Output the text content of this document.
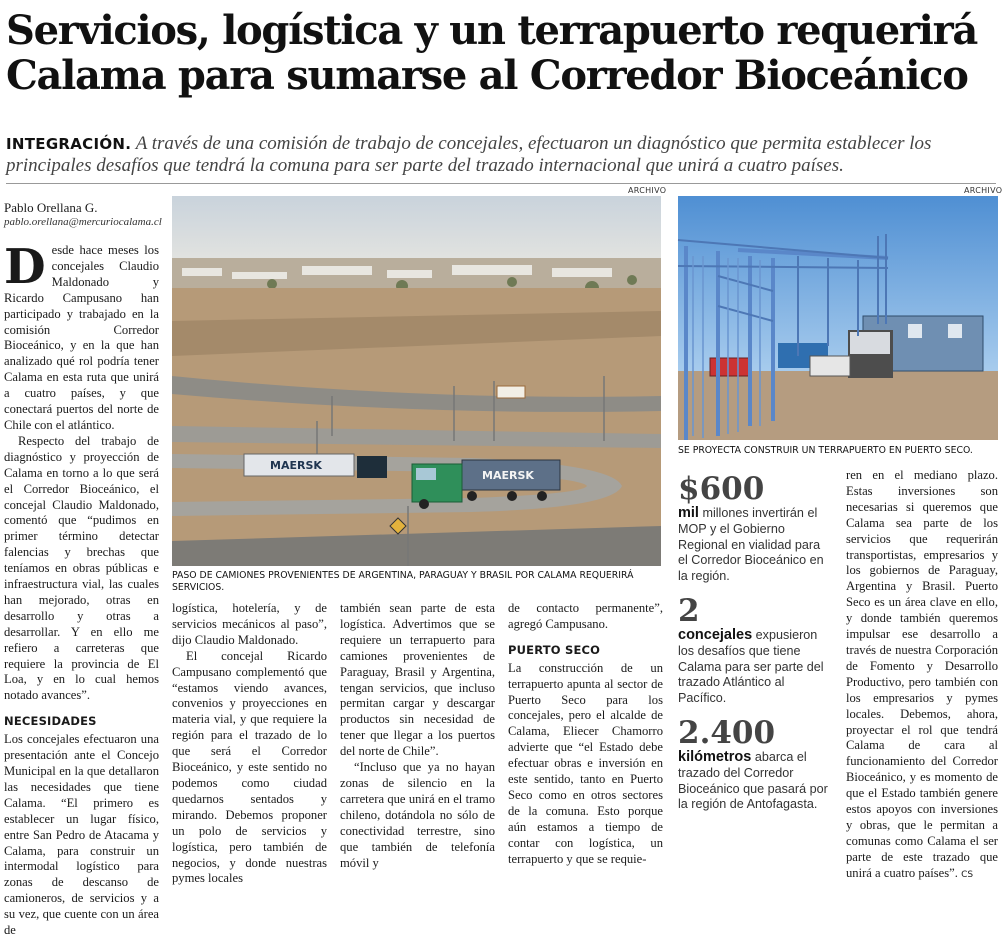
Servicios, logística y un terrapuerto requerirá Calama para sumarse al Corredor Bioceánico
INTEGRACIÓN. A través de una comisión de trabajo de concejales, efectuaron un diagnóstico que permita establecer los principales desafíos que tendrá la comuna para ser parte del trazado internacional que unirá a cuatro países.
Pablo Orellana G.
pablo.orellana@mercuriocalama.cl

Desde hace meses los concejales Claudio Maldonado y Ricardo Campusano han participado y trabajado en la comisión Corredor Bioceánico, y en la que han analizado qué rol podría tener Calama en esta ruta que unirá a cuatro países, y que conectará puertos del norte de Chile con el atlántico.

Respecto del trabajo de diagnóstico y proyección de Calama en torno a lo que será el Corredor Bioceánico, el concejal Claudio Maldonado, comentó que “pudimos en primer término detectar falencias y brechas que teníamos en obras públicas e infraestructura vial, las cuales han mejorado, otras en desarrollo y otras a desarrollar. Y en ello me refiero a carreteras que requiere la provincia de El Loa, y en lo cual hemos notado avances”.

NECESIDADES

Los concejales efectuaron una presentación ante el Concejo Municipal en la que detallaron las necesidades que tiene Calama. “El primero es establecer un lugar físico, entre San Pedro de Atacama y Calama, para construir un intermodal logístico para zonas de descanso de camioneros, de servicios y a su vez, que cuente con un área de

ARCHIVO
MAERSK
MAERSK
PASO DE CAMIONES PROVENIENTES DE ARGENTINA, PARAGUAY Y BRASIL POR CALAMA REQUERIRÁ SERVICIOS.

logística, hotelería, y de servicios mecánicos al paso”, dijo Claudio Maldonado.

El concejal Ricardo Campusano complementó que “estamos viendo avances, convenios y proyecciones en materia vial, y que requiere la región para el trazado de lo que será el Corredor Bioceánico, y este sentido no podemos como ciudad quedarnos sentados y mirando. Debemos proponer un polo de servicios y logística, pero también de negocios, y donde nuestras pymes locales

también sean parte de esta logística. Advertimos que se requiere un terrapuerto para camiones provenientes de Paraguay, Brasil y Argentina, tengan servicios, que incluso permitan cargar y descargar productos sin necesidad de tener que llegar a los puertos del norte de Chile”.

“Incluso que ya no hayan zonas de silencio en la carretera que unirá en el tramo chileno, dotándola no sólo de conectividad terrestre, sino que también de telefonía móvil y

de contacto permanente”, agregó Campusano.

PUERTO SECO

La construcción de un terrapuerto apunta al sector de Puerto Seco para los concejales, pero el alcalde de Calama, Eliecer Chamorro advierte que “el Estado debe efectuar obras e inversión en este sentido, tanto en Puerto Seco como en otros sectores de la comuna. Esto porque aún estamos a tiempo de contar con logística, un terrapuerto y que se requie-

ARCHIVO
SE PROYECTA CONSTRUIR UN TERRAPUERTO EN PUERTO SECO.
$600
mil millones invertirán el MOP y el Gobierno Regional en vialidad para el Corredor Bioceánico en la región.
2
concejales expusieron los desafíos que tiene Calama para ser parte del trazado Atlántico al Pacífico.
2.400
kilómetros abarca el trazado del Corredor Bioceánico que pasará por la región de Antofagasta.

ren en el mediano plazo. Estas inversiones son necesarias si queremos que Calama sea parte de los servicios que requerirán transportistas, empresarios y los gobiernos de Paraguay, Argentina y Brasil. Puerto Seco es un área clave en ello, y donde también queremos impulsar ese desarrollo a través de nuestra Corporación de Fomento y Desarrollo Productivo, pero también con los empresarios y pymes locales. Debemos, ahora, proyectar el rol que tendrá Calama de cara al funcionamiento del Corredor Bioceánico, y es momento de que el Estado también genere estos apoyos con inversiones y obras, que le permitan a comunas como Calama el ser parte de este trazado que unirá a cuatro países”. CS
